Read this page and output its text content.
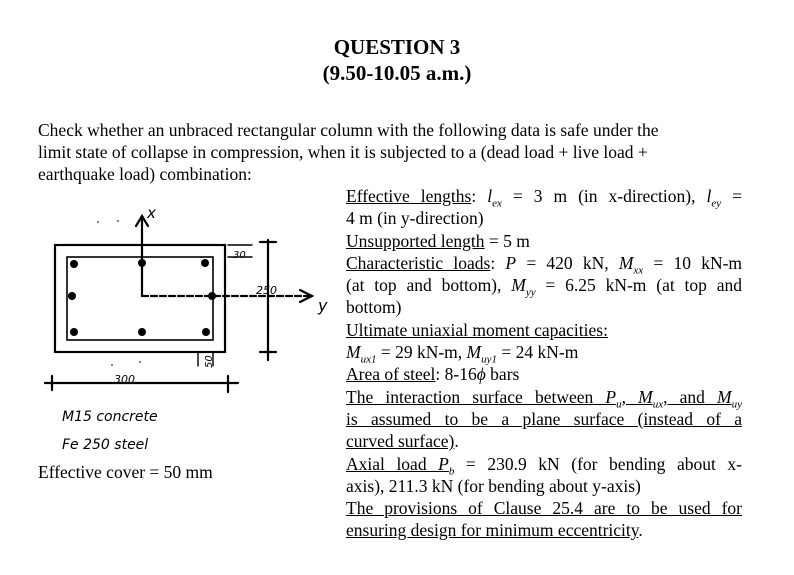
QUESTION 3
(9.50-10.05 a.m.)
Check whether an unbraced rectangular column with the following data is safe under the
limit state of collapse in compression, when it is subjected to a (dead load + live load +
earthquake load) combination:
x
y
250
30
50
300
M15 concrete
Fe 250 steel
Effective cover = 50 mm
Effective lengths: $l_{ex} = 3$ m (in x-direction), $l_{ey}$ =
4 m (in y-direction)
Unsupported length = 5 m
Characteristic loads: P = 420 kN, $M_{xx} = 10$ kN-m
(at top and bottom), $M_{yy} = 6.25$ kN-m (at top and
bottom)
Ultimate uniaxial moment capacities:
$M_{ux1} = 29$ kN-m, $M_{uy1} = 24$ kN-m
Area of steel: 8-16ϕ bars
The interaction surface between $P_u$, $M_{ux}$, and $M_{uy}$
is assumed to be a plane surface (instead of a
curved surface).
Axial load $P_b = 230.9$ kN (for bending about x-
axis), 211.3 kN (for bending about y-axis)
The provisions of Clause 25.4 are to be used for
ensuring design for minimum eccentricity.
